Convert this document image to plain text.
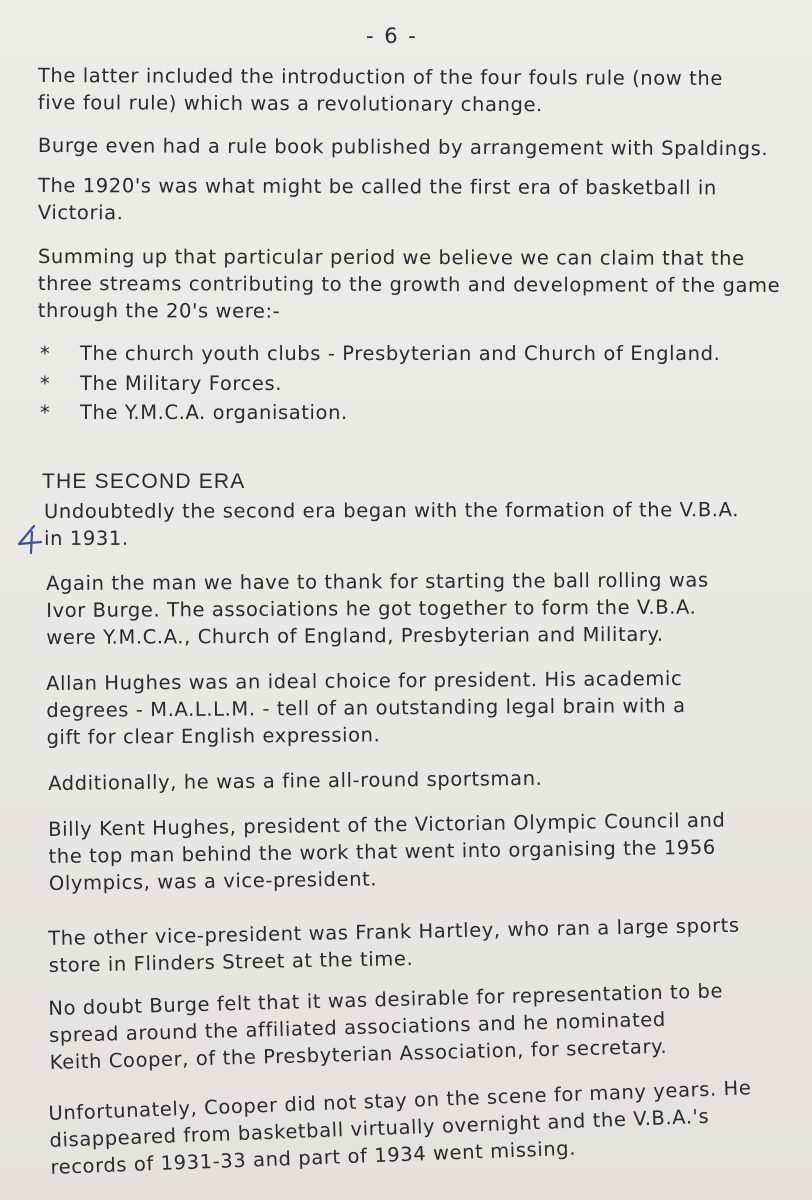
- 6 -

The latter included the introduction of the four fouls rule (now the
five foul rule) which was a revolutionary change.

Burge even had a rule book published by arrangement with Spaldings.

The 1920's was what might be called the first era of basketball in
Victoria.

Summing up that particular period we believe we can claim that the
three streams contributing to the growth and development of the game
through the 20's were:-

* The church youth clubs - Presbyterian and Church of England.
* The Military Forces.
* The Y.M.C.A. organisation.
THE SECOND ERA

Undoubtedly the second era began with the formation of the V.B.A.
in 1931.

Again the man we have to thank for starting the ball rolling was
Ivor Burge. The associations he got together to form the V.B.A.
were Y.M.C.A., Church of England, Presbyterian and Military.

Allan Hughes was an ideal choice for president. His academic
degrees - M.A.L.L.M. - tell of an outstanding legal brain with a
gift for clear English expression.

Additionally, he was a fine all-round sportsman.

Billy Kent Hughes, president of the Victorian Olympic Council and
the top man behind the work that went into organising the 1956
Olympics, was a vice-president.

The other vice-president was Frank Hartley, who ran a large sports
store in Flinders Street at the time.

No doubt Burge felt that it was desirable for representation to be
spread around the affiliated associations and he nominated
Keith Cooper, of the Presbyterian Association, for secretary.

Unfortunately, Cooper did not stay on the scene for many years. He
disappeared from basketball virtually overnight and the V.B.A.'s
records of 1931-33 and part of 1934 went missing.
